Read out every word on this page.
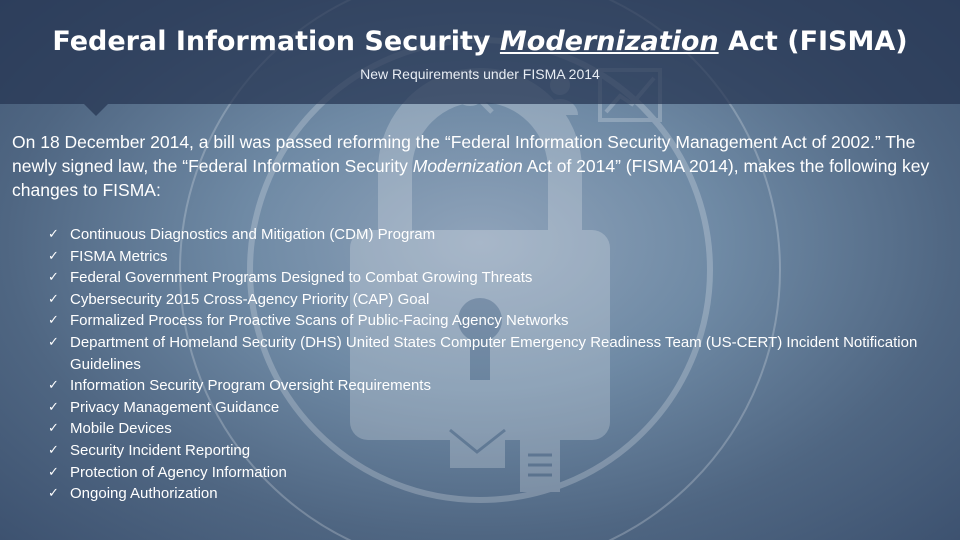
Federal Information Security Modernization Act (FISMA)
New Requirements under FISMA 2014

On 18 December 2014, a bill was passed reforming the “Federal Information Security Management Act of 2002.” The newly signed law, the “Federal Information Security Modernization Act of 2014” (FISMA 2014), makes the following key changes to FISMA:

✓ Continuous Diagnostics and Mitigation (CDM) Program
✓ FISMA Metrics
✓ Federal Government Programs Designed to Combat Growing Threats
✓ Cybersecurity 2015 Cross-Agency Priority (CAP) Goal
✓ Formalized Process for Proactive Scans of Public-Facing Agency Networks
✓ Department of Homeland Security (DHS) United States Computer Emergency Readiness Team (US-CERT) Incident Notification Guidelines
✓ Information Security Program Oversight Requirements
✓ Privacy Management Guidance
✓ Mobile Devices
✓ Security Incident Reporting
✓ Protection of Agency Information
✓ Ongoing Authorization
